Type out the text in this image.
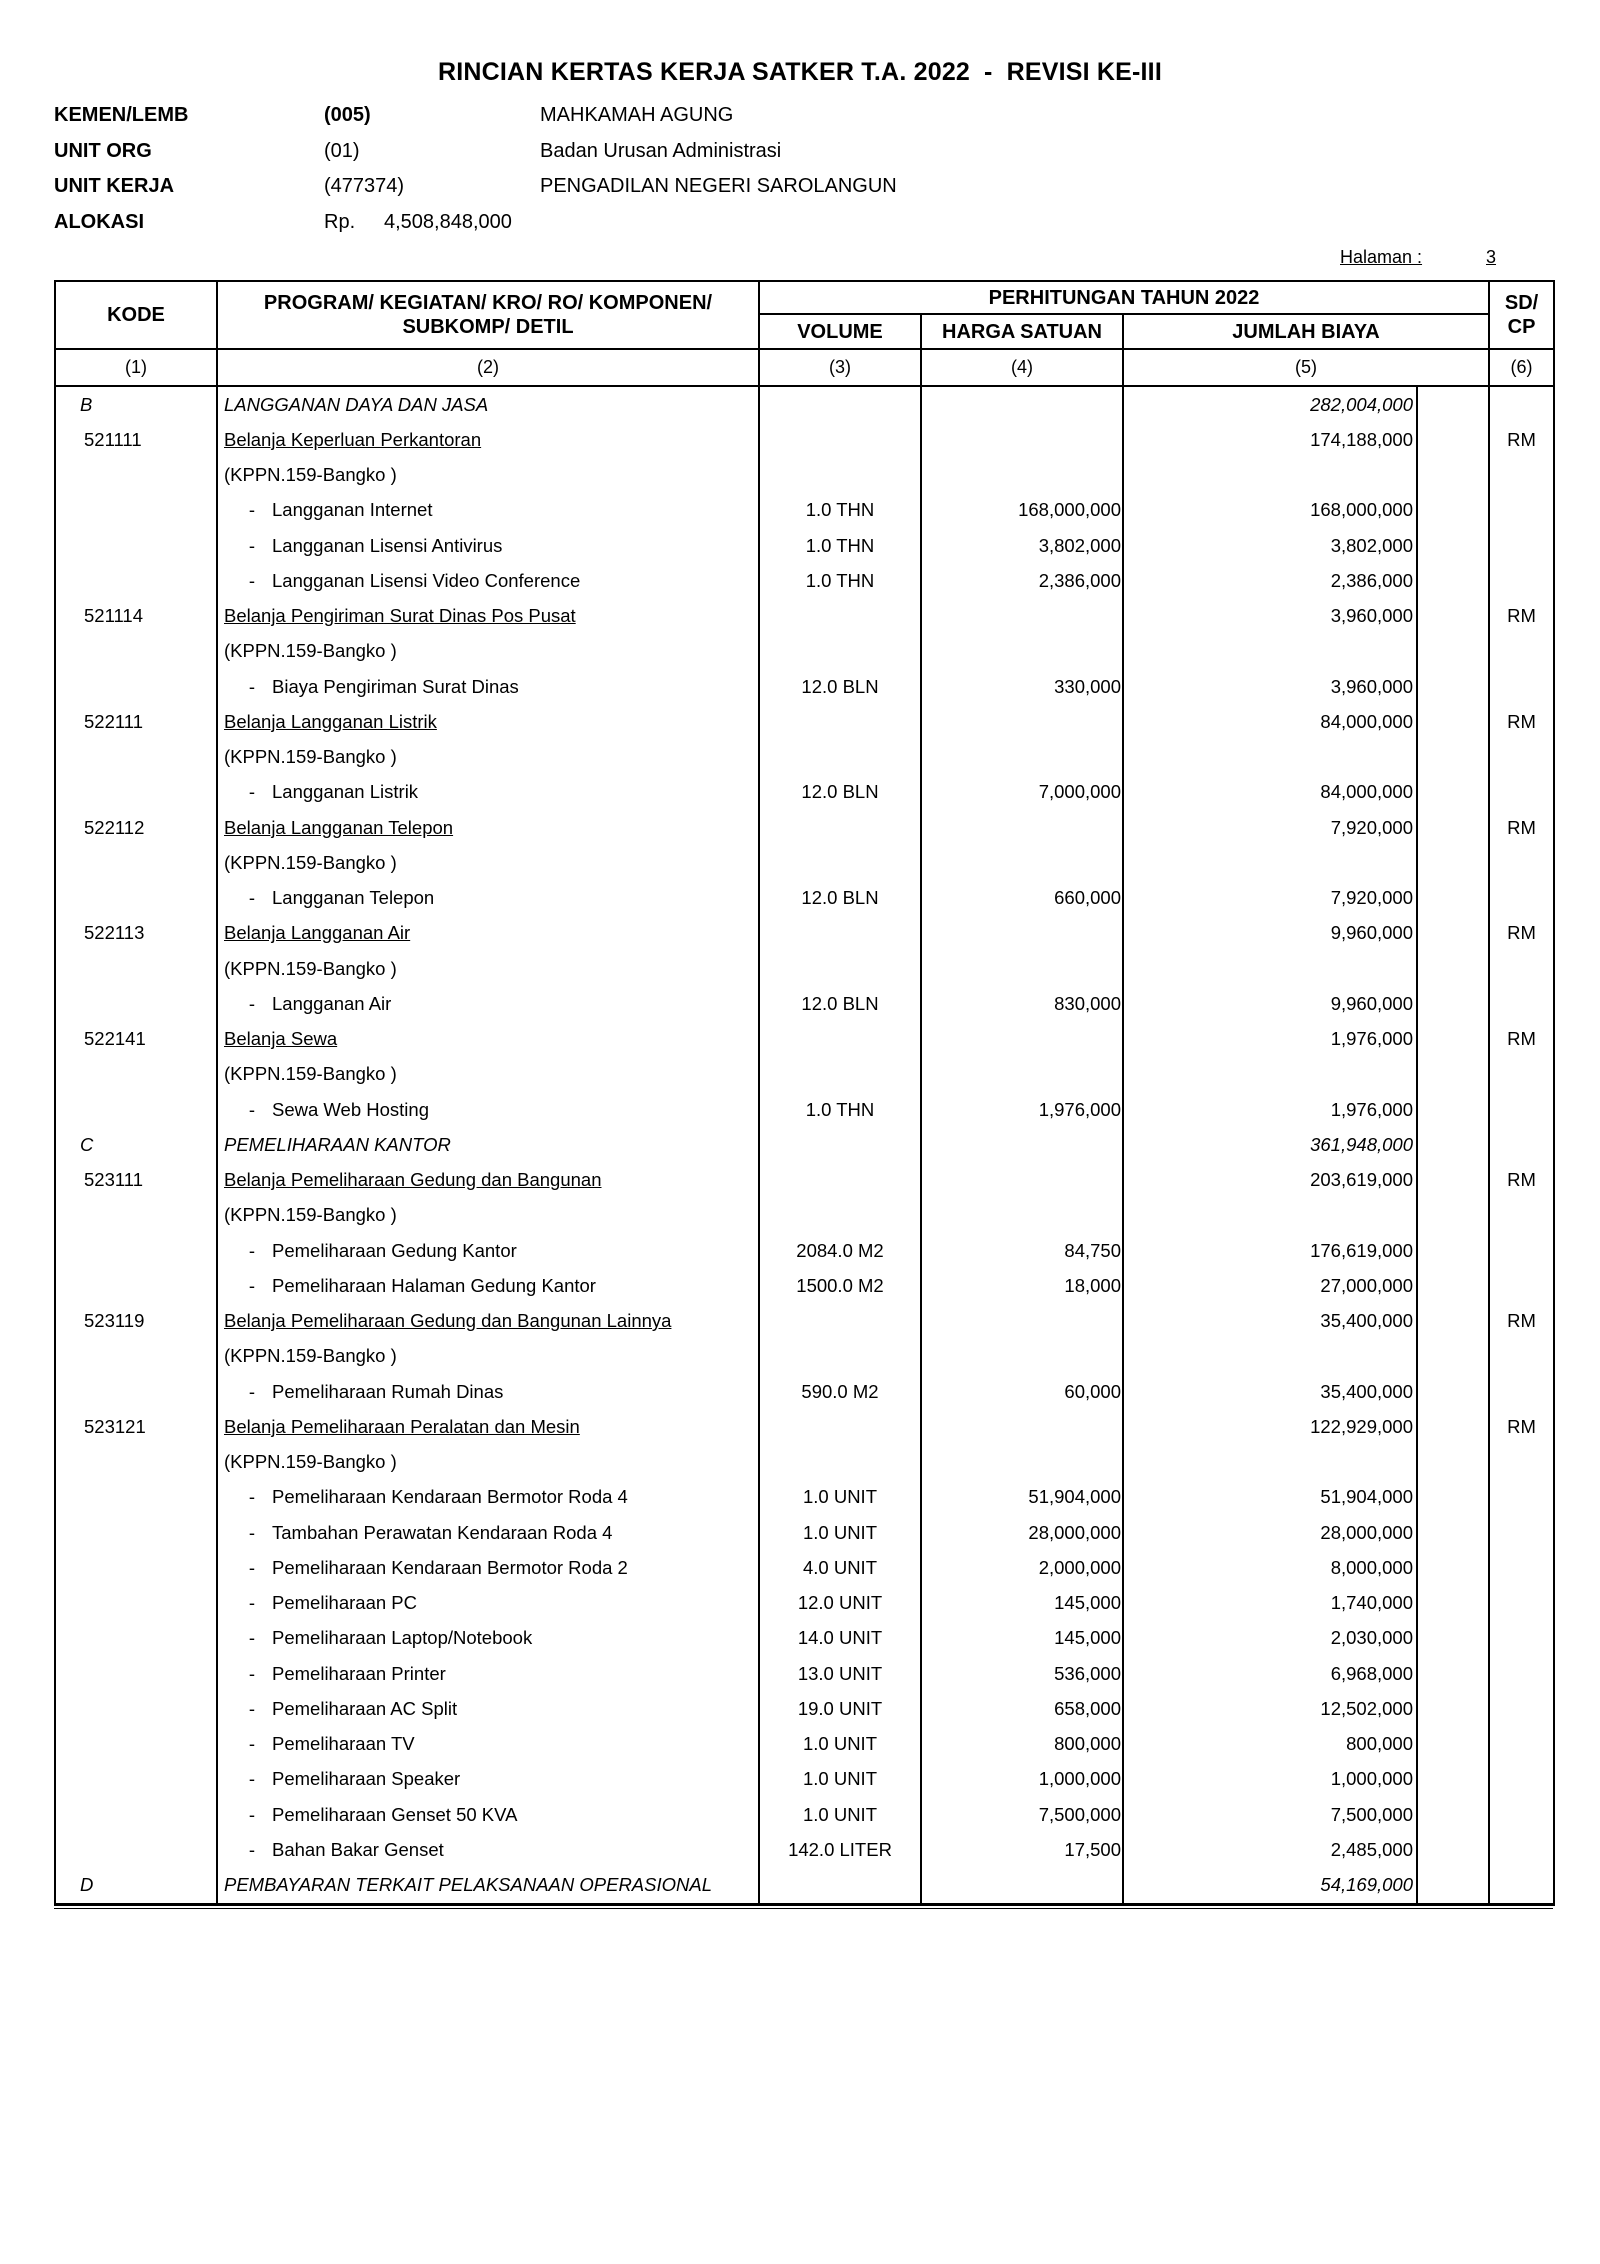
RINCIAN KERTAS KERJA SATKER T.A. 2022 - REVISI KE-III
KEMEN/LEMB	(005)	MAHKAMAH AGUNG
UNIT ORG	(01)	Badan Urusan Administrasi
UNIT KERJA	(477374)	PENGADILAN NEGERI SAROLANGUN
ALOKASI	Rp. 4,508,848,000
Halaman :	3
KODE	PROGRAM/ KEGIATAN/ KRO/ RO/ KOMPONEN/ SUBKOMP/ DETIL	PERHITUNGAN TAHUN 2022				SD/ CP
		VOLUME	HARGA SATUAN	JUMLAH BIAYA		
(1)	(2)	(3)	(4)	(5)		(6)
B	LANGGANAN DAYA DAN JASA			282,004,000		
521111	Belanja Keperluan Perkantoran			174,188,000		RM
	(KPPN.159-Bangko )					
	- Langganan Internet	1.0 THN	168,000,000	168,000,000		
	- Langganan Lisensi Antivirus	1.0 THN	3,802,000	3,802,000		
	- Langganan Lisensi Video Conference	1.0 THN	2,386,000	2,386,000		
521114	Belanja Pengiriman Surat Dinas Pos Pusat			3,960,000		RM
	(KPPN.159-Bangko )					
	- Biaya Pengiriman Surat Dinas	12.0 BLN	330,000	3,960,000		
522111	Belanja Langganan Listrik			84,000,000		RM
	(KPPN.159-Bangko )					
	- Langganan Listrik	12.0 BLN	7,000,000	84,000,000		
522112	Belanja Langganan Telepon			7,920,000		RM
	(KPPN.159-Bangko )					
	- Langganan Telepon	12.0 BLN	660,000	7,920,000		
522113	Belanja Langganan Air			9,960,000		RM
	(KPPN.159-Bangko )					
	- Langganan Air	12.0 BLN	830,000	9,960,000		
522141	Belanja Sewa			1,976,000		RM
	(KPPN.159-Bangko )					
	- Sewa Web Hosting	1.0 THN	1,976,000	1,976,000		
C	PEMELIHARAAN KANTOR			361,948,000		
523111	Belanja Pemeliharaan Gedung dan Bangunan			203,619,000		RM
	(KPPN.159-Bangko )					
	- Pemeliharaan Gedung Kantor	2084.0 M2	84,750	176,619,000		
	- Pemeliharaan Halaman Gedung Kantor	1500.0 M2	18,000	27,000,000		
523119	Belanja Pemeliharaan Gedung dan Bangunan Lainnya			35,400,000		RM
	(KPPN.159-Bangko )					
	- Pemeliharaan Rumah Dinas	590.0 M2	60,000	35,400,000		
523121	Belanja Pemeliharaan Peralatan dan Mesin			122,929,000		RM
	(KPPN.159-Bangko )					
	- Pemeliharaan Kendaraan Bermotor Roda 4	1.0 UNIT	51,904,000	51,904,000		
	- Tambahan Perawatan Kendaraan Roda 4	1.0 UNIT	28,000,000	28,000,000		
	- Pemeliharaan Kendaraan Bermotor Roda 2	4.0 UNIT	2,000,000	8,000,000		
	- Pemeliharaan PC	12.0 UNIT	145,000	1,740,000		
	- Pemeliharaan Laptop/Notebook	14.0 UNIT	145,000	2,030,000		
	- Pemeliharaan Printer	13.0 UNIT	536,000	6,968,000		
	- Pemeliharaan AC Split	19.0 UNIT	658,000	12,502,000		
	- Pemeliharaan TV	1.0 UNIT	800,000	800,000		
	- Pemeliharaan Speaker	1.0 UNIT	1,000,000	1,000,000		
	- Pemeliharaan Genset 50 KVA	1.0 UNIT	7,500,000	7,500,000		
	- Bahan Bakar Genset	142.0 LITER	17,500	2,485,000		
D	PEMBAYARAN TERKAIT PELAKSANAAN OPERASIONAL			54,169,000		
